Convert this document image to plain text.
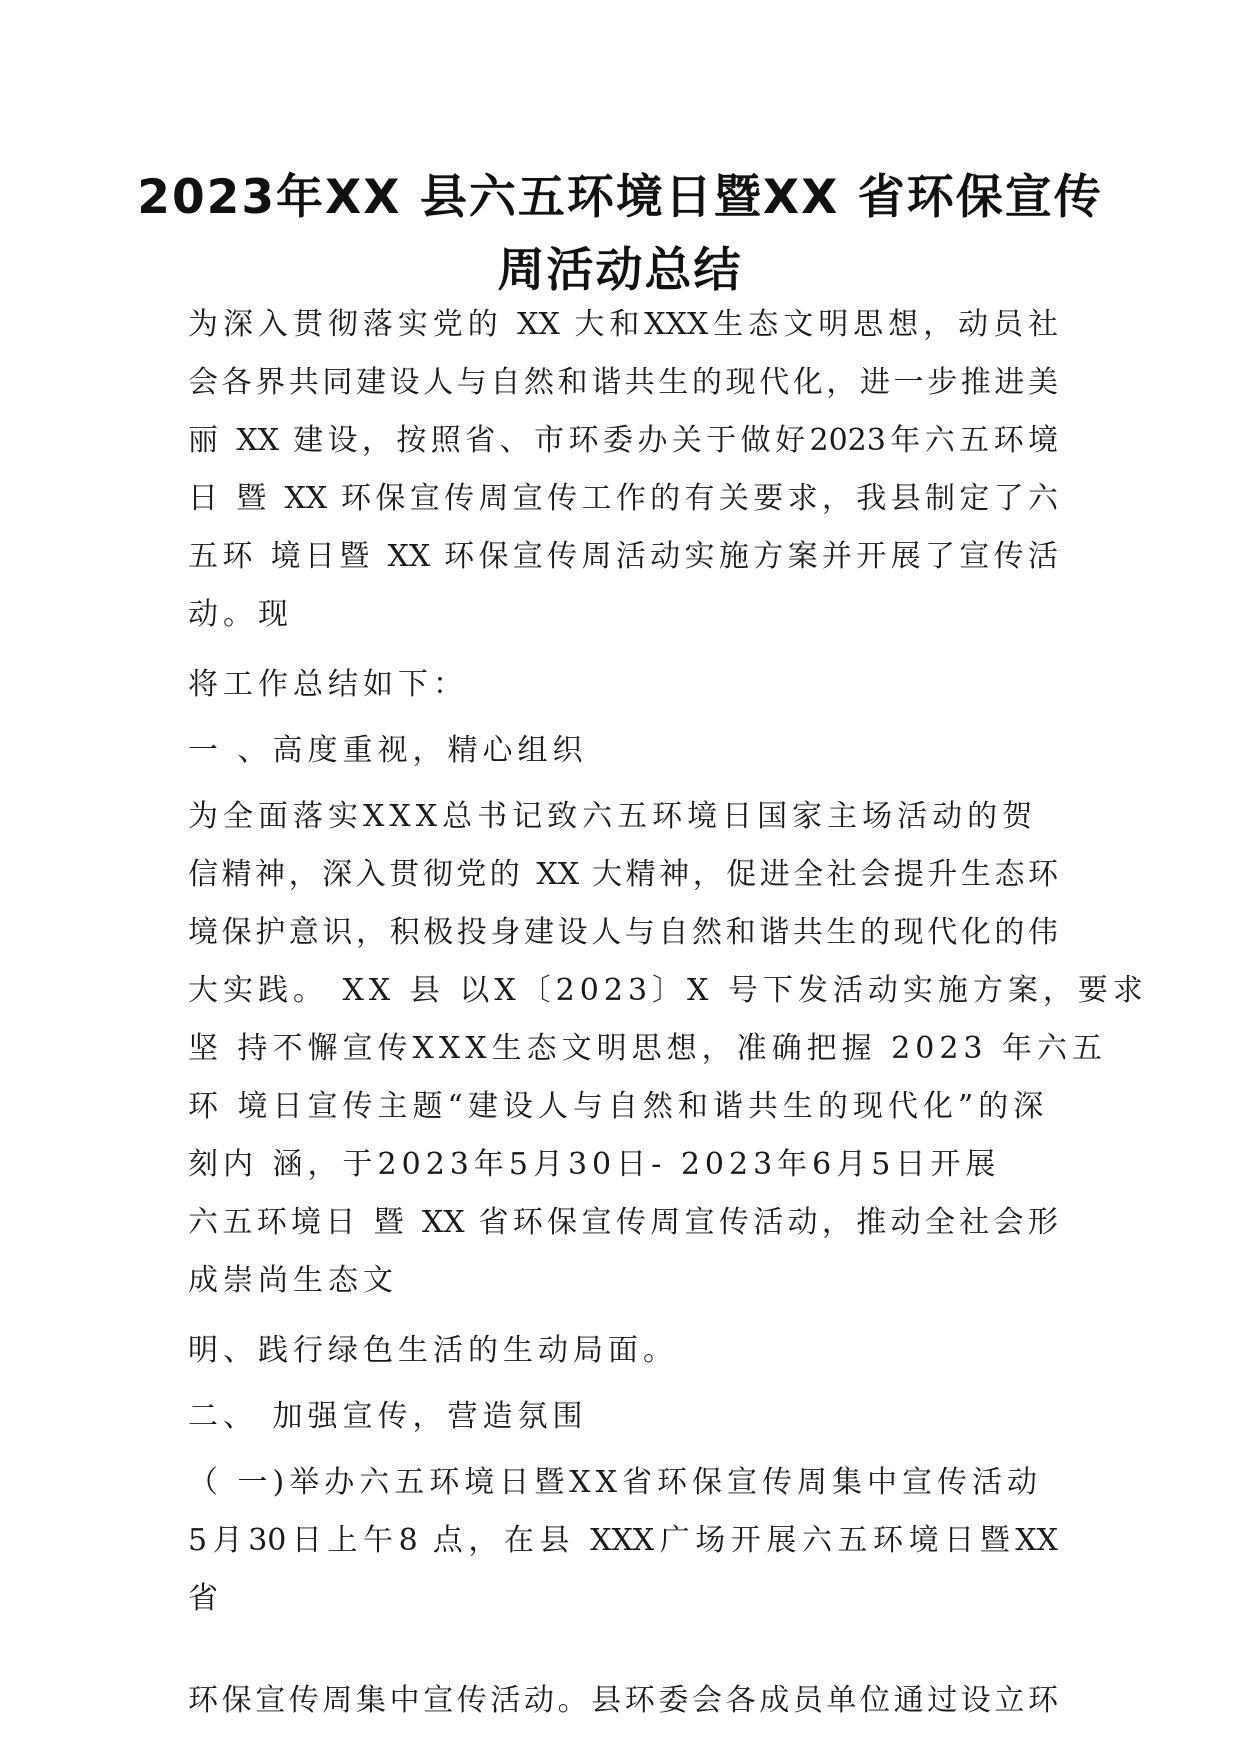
2023年XX 县六五环境日暨XX 省环保宣传
周活动总结
为深入贯彻落实党的 XX 大和XXX生态文明思想，动员社
会各界共同建设人与自然和谐共生的现代化，进一步推进美
丽 XX 建设，按照省、市环委办关于做好2023年六五环境
日 暨 XX 环保宣传周宣传工作的有关要求，我县制定了六
五环 境日暨 XX 环保宣传周活动实施方案并开展了宣传活
动。现
将工作总结如下：
一 、高度重视，精心组织
为全面落实XXX总书记致六五环境日国家主场活动的贺
信精神，深入贯彻党的 XX 大精神，促进全社会提升生态环
境保护意识，积极投身建设人与自然和谐共生的现代化的伟
大实践。 XX 县 以X〔2023〕X 号下发活动实施方案，要求
坚 持不懈宣传XXX生态文明思想，准确把握 2023 年六五
环 境日宣传主题“建设人与自然和谐共生的现代化”的深
刻内 涵，于2023年5月30日- 2023年6月5日开展
六五环境日 暨 XX 省环保宣传周宣传活动，推动全社会形
成崇尚生态文
明、践行绿色生活的生动局面。
二、 加强宣传，营造氛围
（ 一)举办六五环境日暨XX省环保宣传周集中宣传活动
5月30日上午8 点，在县 XXX广场开展六五环境日暨XX
省
环保宣传周集中宣传活动。县环委会各成员单位通过设立环
